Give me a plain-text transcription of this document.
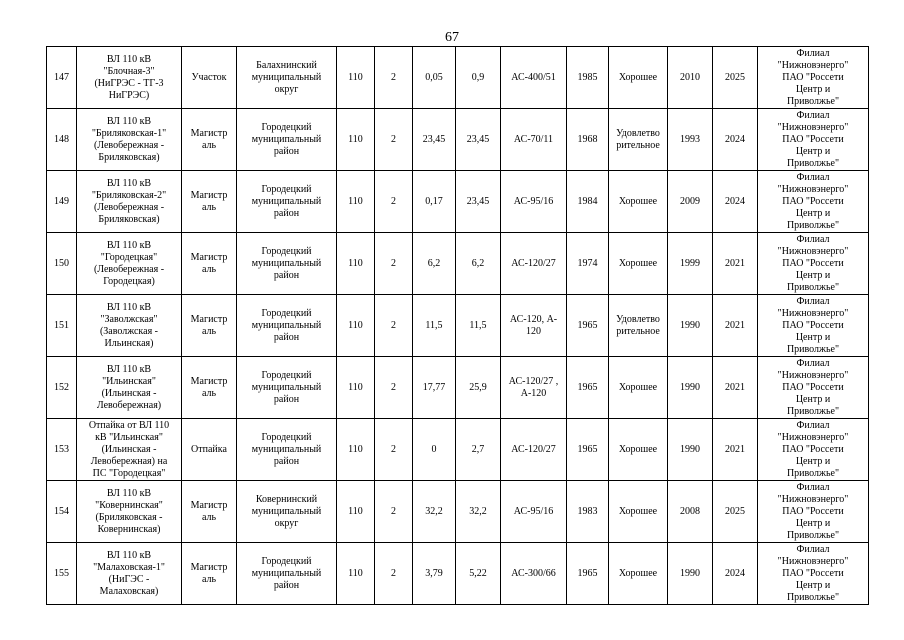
67
147	ВЛ 110 кВ
"Блочная-3"
(НиГРЭС - ТГ-3
НиГРЭС)	Участок	Балахнинский
муниципальный
округ	110	2	0,05	0,9	АС-400/51	1985	Хорошее	2010	2025	Филиал
"Нижновэнерго"
ПАО "Россети
Центр и
Приволжье"
148	ВЛ 110 кВ
"Бриляковская-1"
(Левобережная -
Бриляковская)	Магистр
аль	Городецкий
муниципальный
район	110	2	23,45	23,45	АС-70/11	1968	Удовлетво
рительное	1993	2024	Филиал
"Нижновэнерго"
ПАО "Россети
Центр и
Приволжье"
149	ВЛ 110 кВ
"Бриляковская-2"
(Левобережная -
Бриляковская)	Магистр
аль	Городецкий
муниципальный
район	110	2	0,17	23,45	АС-95/16	1984	Хорошее	2009	2024	Филиал
"Нижновэнерго"
ПАО "Россети
Центр и
Приволжье"
150	ВЛ 110 кВ
"Городецкая"
(Левобережная -
Городецкая)	Магистр
аль	Городецкий
муниципальный
район	110	2	6,2	6,2	АС-120/27	1974	Хорошее	1999	2021	Филиал
"Нижновэнерго"
ПАО "Россети
Центр и
Приволжье"
151	ВЛ 110 кВ
"Заволжская"
(Заволжская -
Ильинская)	Магистр
аль	Городецкий
муниципальный
район	110	2	11,5	11,5	АС-120, А-
120	1965	Удовлетво
рительное	1990	2021	Филиал
"Нижновэнерго"
ПАО "Россети
Центр и
Приволжье"
152	ВЛ 110 кВ
"Ильинская"
(Ильинская -
Левобережная)	Магистр
аль	Городецкий
муниципальный
район	110	2	17,77	25,9	АС-120/27 ,
А-120	1965	Хорошее	1990	2021	Филиал
"Нижновэнерго"
ПАО "Россети
Центр и
Приволжье"
153	Отпайка от ВЛ 110
кВ "Ильинская"
(Ильинская -
Левобережная) на
ПС "Городецкая"	Отпайка	Городецкий
муниципальный
район	110	2	0	2,7	АС-120/27	1965	Хорошее	1990	2021	Филиал
"Нижновэнерго"
ПАО "Россети
Центр и
Приволжье"
154	ВЛ 110 кВ
"Ковернинская"
(Бриляковская -
Ковернинская)	Магистр
аль	Ковернинский
муниципальный
округ	110	2	32,2	32,2	АС-95/16	1983	Хорошее	2008	2025	Филиал
"Нижновэнерго"
ПАО "Россети
Центр и
Приволжье"
155	ВЛ 110 кВ
"Малаховская-1"
(НиГЭС -
Малаховская)	Магистр
аль	Городецкий
муниципальный
район	110	2	3,79	5,22	АС-300/66	1965	Хорошее	1990	2024	Филиал
"Нижновэнерго"
ПАО "Россети
Центр и
Приволжье"
